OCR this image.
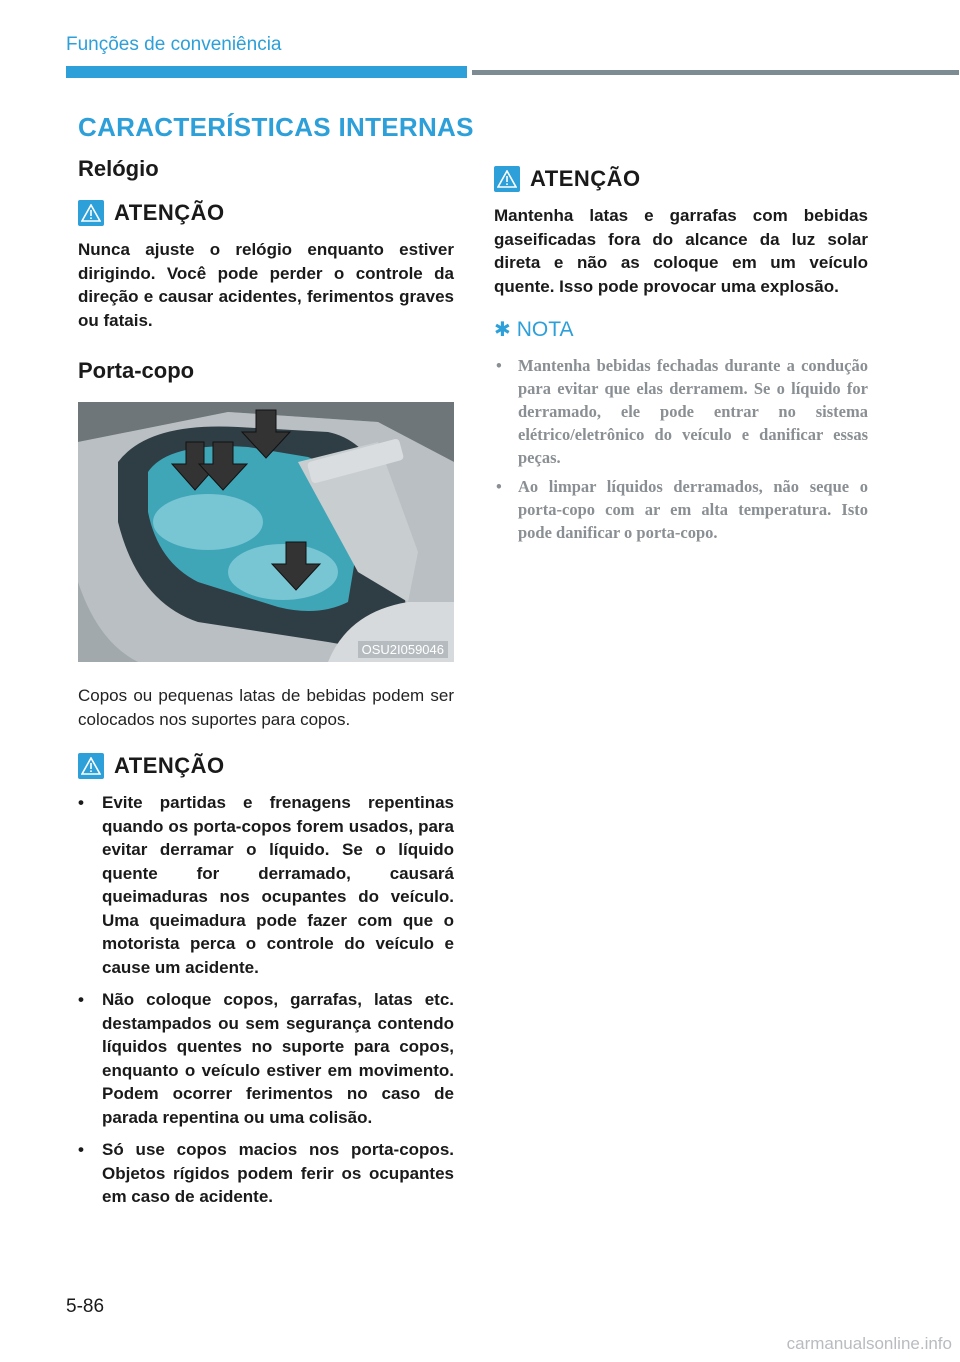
Funções de conveniência
CARACTERÍSTICAS INTERNAS
Relógio
ATENÇÃO

Nunca ajuste o relógio enquanto estiver dirigindo. Você pode perder o controle da direção e causar acidentes, ferimentos graves ou fatais.

Porta-copo
OSU2I059046

Copos ou pequenas latas de bebidas podem ser colocados nos suportes para copos.

ATENÇÃO
• Evite partidas e frenagens repentinas quando os porta-copos forem usados, para evitar derramar o líquido. Se o líquido quente for derramado, causará queimaduras nos ocupantes do veículo. Uma queimadura pode fazer com que o motorista perca o controle do veículo e cause um acidente.
• Não coloque copos, garrafas, latas etc. destampados ou sem segurança contendo líquidos quentes no suporte para copos, enquanto o veículo estiver em movimento. Podem ocorrer ferimentos no caso de parada repentina ou uma colisão.
• Só use copos macios nos porta-copos. Objetos rígidos podem ferir os ocupantes em caso de acidente.
ATENÇÃO

Mantenha latas e garrafas com bebidas gaseificadas fora do alcance da luz solar direta e não as coloque em um veículo quente. Isso pode provocar uma explosão.

✱ NOTA
• Mantenha bebidas fechadas durante a condução para evitar que elas derramem. Se o líquido for derramado, ele pode entrar no sistema elétrico/eletrônico do veículo e danificar essas peças.
• Ao limpar líquidos derramados, não seque o porta-copo com ar em alta temperatura. Isto pode danificar o porta-copo.
5-86
carmanualsonline.info
